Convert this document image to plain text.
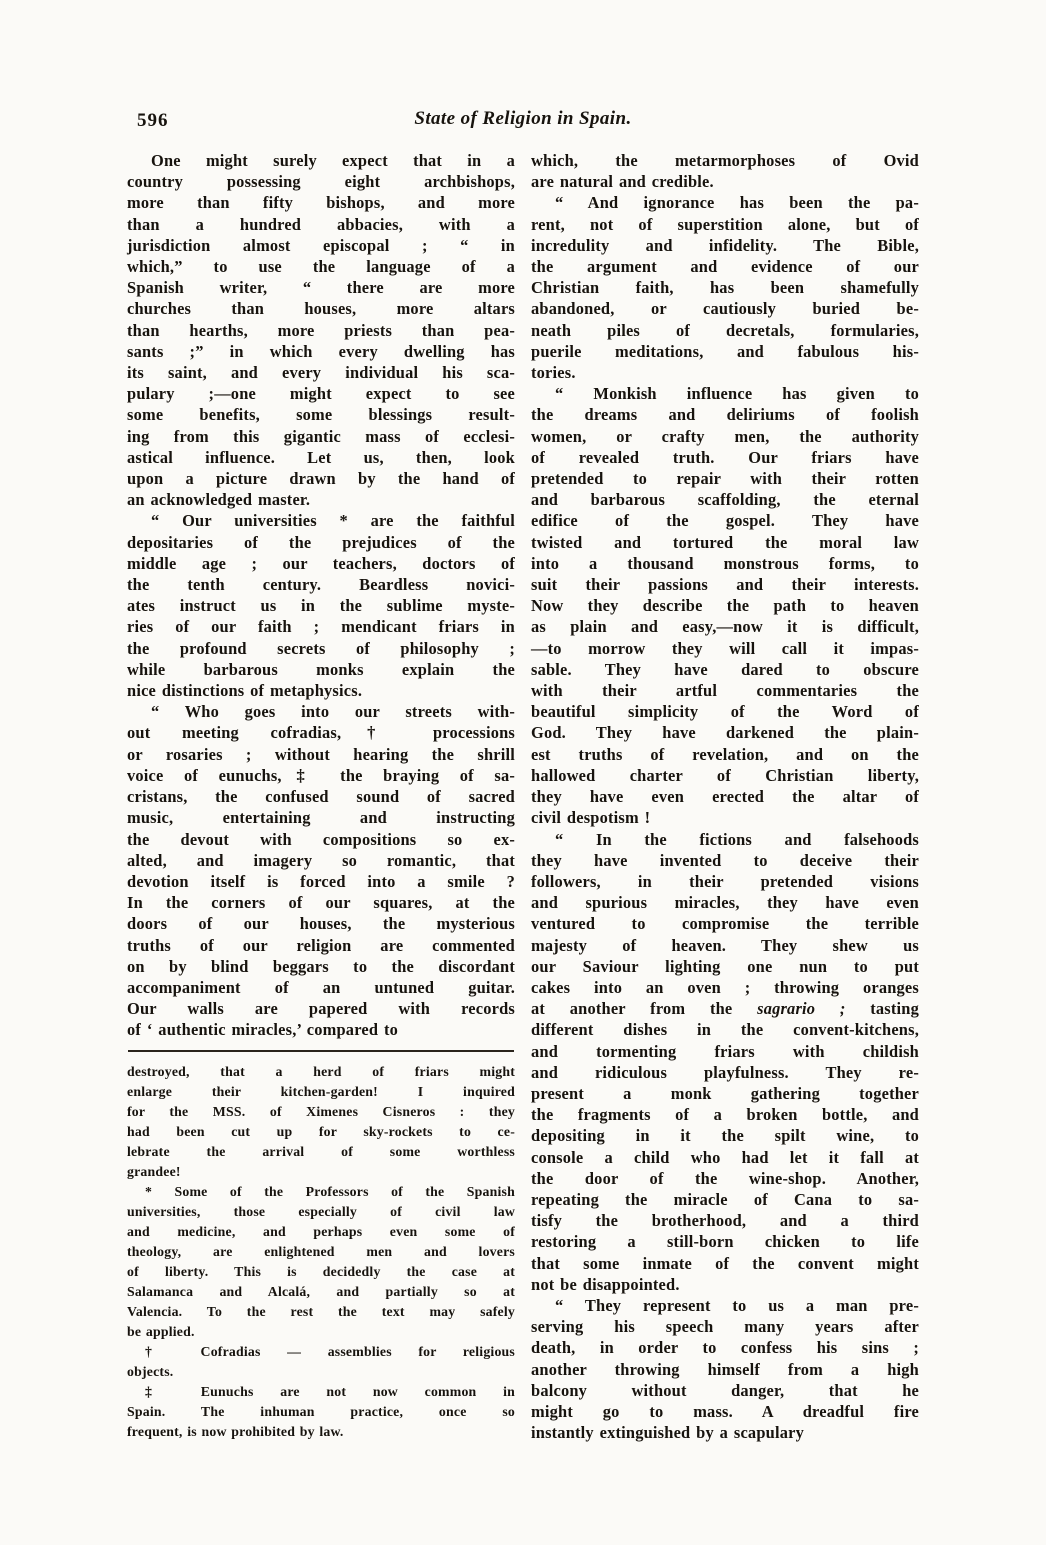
596	State of Religion in Spain.
One might surely expect that in a
country possessing eight archbishops,
more than fifty bishops, and more
than a hundred abbacies, with a
jurisdiction almost episcopal ; “ in
which,” to use the language of a
Spanish writer, “ there are more
churches than houses, more altars
than hearths, more priests than pea-
sants ;” in which every dwelling has
its saint, and every individual his sca-
pulary ;—one might expect to see
some benefits, some blessings result-
ing from this gigantic mass of ecclesi-
astical influence. Let us, then, look
upon a picture drawn by the hand of
an acknowledged master.
“ Our universities * are the faithful
depositaries of the prejudices of the
middle age ; our teachers, doctors of
the tenth century. Beardless novici-
ates instruct us in the sublime myste-
ries of our faith ; mendicant friars in
the profound secrets of philosophy ;
while barbarous monks explain the
nice distinctions of metaphysics.
“ Who goes into our streets with-
out meeting cofradias,† processions
or rosaries ; without hearing the shrill
voice of eunuchs,‡ the braying of sa-
cristans, the confused sound of sacred
music, entertaining and instructing
the devout with compositions so ex-
alted, and imagery so romantic, that
devotion itself is forced into a smile ?
In the corners of our squares, at the
doors of our houses, the mysterious
truths of our religion are commented
on by blind beggars to the discordant
accompaniment of an untuned guitar.
Our walls are papered with records
of ‘ authentic miracles,’ compared to
destroyed, that a herd of friars might
enlarge their kitchen-garden! I inquired
for the MSS. of Ximenes Cisneros : they
had been cut up for sky-rockets to ce-
lebrate the arrival of some worthless
grandee!
* Some of the Professors of the Spanish
universities, those especially of civil law
and medicine, and perhaps even some of
theology, are enlightened men and lovers
of liberty. This is decidedly the case at
Salamanca and Alcalá, and partially so at
Valencia. To the rest the text may safely
be applied.
† Cofradias — assemblies for religious
objects.
‡ Eunuchs are not now common in
Spain. The inhuman practice, once so
frequent, is now prohibited by law.
which, the metarmorphoses of Ovid
are natural and credible.
“ And ignorance has been the pa-
rent, not of superstition alone, but of
incredulity and infidelity. The Bible,
the argument and evidence of our
Christian faith, has been shamefully
abandoned, or cautiously buried be-
neath piles of decretals, formularies,
puerile meditations, and fabulous his-
tories.
“ Monkish influence has given to
the dreams and deliriums of foolish
women, or crafty men, the authority
of revealed truth. Our friars have
pretended to repair with their rotten
and barbarous scaffolding, the eternal
edifice of the gospel. They have
twisted and tortured the moral law
into a thousand monstrous forms, to
suit their passions and their interests.
Now they describe the path to heaven
as plain and easy,—now it is difficult,
—to morrow they will call it impas-
sable. They have dared to obscure
with their artful commentaries the
beautiful simplicity of the Word of
God. They have darkened the plain-
est truths of revelation, and on the
hallowed charter of Christian liberty,
they have even erected the altar of
civil despotism !
“ In the fictions and falsehoods
they have invented to deceive their
followers, in their pretended visions
and spurious miracles, they have even
ventured to compromise the terrible
majesty of heaven. They shew us
our Saviour lighting one nun to put
cakes into an oven ; throwing oranges
at another from the sagrario ; tasting
different dishes in the convent-kitchens,
and tormenting friars with childish
and ridiculous playfulness. They re-
present a monk gathering together
the fragments of a broken bottle, and
depositing in it the spilt wine, to
console a child who had let it fall at
the door of the wine-shop. Another,
repeating the miracle of Cana to sa-
tisfy the brotherhood, and a third
restoring a still-born chicken to life
that some inmate of the convent might
not be disappointed.
“ They represent to us a man pre-
serving his speech many years after
death, in order to confess his sins ;
another throwing himself from a high
balcony without danger, that he
might go to mass. A dreadful fire
instantly extinguished by a scapulary
